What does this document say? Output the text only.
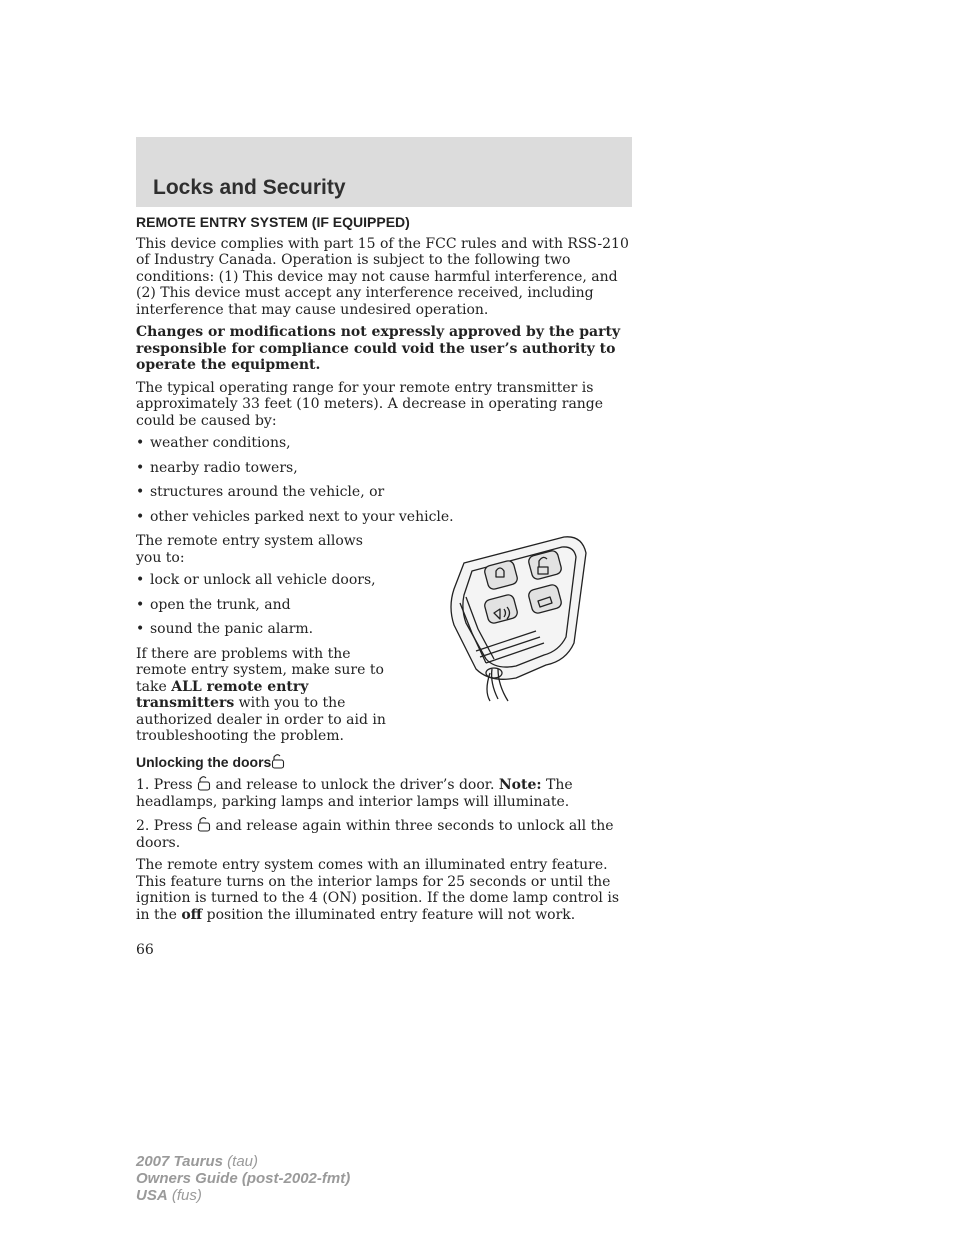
Locks and Security
REMOTE ENTRY SYSTEM (IF EQUIPPED)

This device complies with part 15 of the FCC rules and with RSS-210 of Industry Canada. Operation is subject to the following two conditions: (1) This device may not cause harmful interference, and (2) This device must accept any interference received, including interference that may cause undesired operation.

Changes or modifications not expressly approved by the party responsible for compliance could void the user’s authority to operate the equipment.

The typical operating range for your remote entry transmitter is approximately 33 feet (10 meters). A decrease in operating range could be caused by:

• weather conditions,
• nearby radio towers,
• structures around the vehicle, or
• other vehicles parked next to your vehicle.

The remote entry system allows you to:

• lock or unlock all vehicle doors,
• open the trunk, and
• sound the panic alarm.

If there are problems with the remote entry system, make sure to take ALL remote entry transmitters with you to the authorized dealer in order to aid in troubleshooting the problem.

Unlocking the doors

1. Press  and release to unlock the driver’s door. Note: The headlamps, parking lamps and interior lamps will illuminate.

2. Press  and release again within three seconds to unlock all the doors.

The remote entry system comes with an illuminated entry feature. This feature turns on the interior lamps for 25 seconds or until the ignition is turned to the 4 (ON) position. If the dome lamp control is in the off position the illuminated entry feature will not work.

66
2007 Taurus (tau)
Owners Guide (post-2002-fmt)
USA (fus)
